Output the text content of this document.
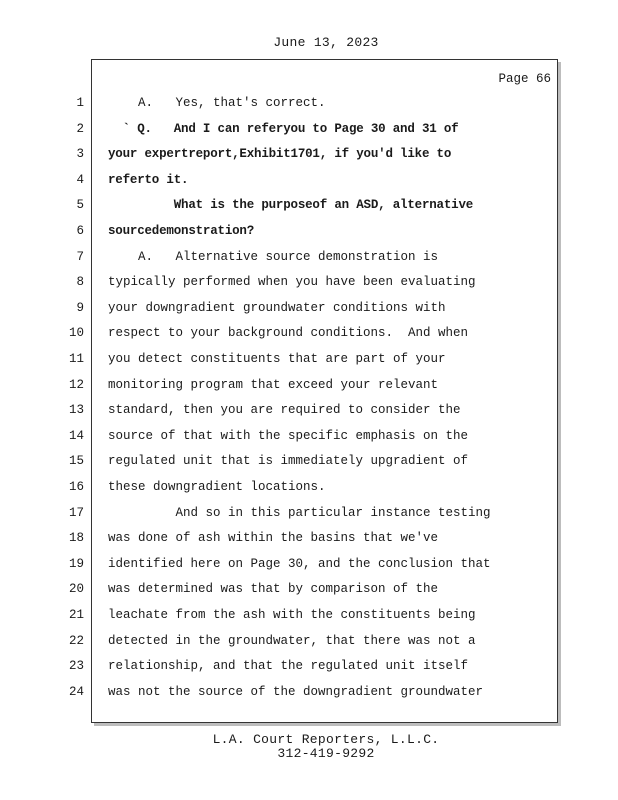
June 13, 2023
Page 66
1
2
3
4
5
6
7
8
9
10
11
12
13
14
15
16
17
18
19
20
21
22
23
24
A.   Yes, that's correct.
` Q.   And I can referyou to Page 30 and 31 of
your expertreport,Exhibit1701, if you'd like to
referto it.
What is the purposeof an ASD, alternative
sourcedemonstration?
A.   Alternative source demonstration is
typically performed when you have been evaluating
your downgradient groundwater conditions with
respect to your background conditions.  And when
you detect constituents that are part of your
monitoring program that exceed your relevant
standard, then you are required to consider the
source of that with the specific emphasis on the
regulated unit that is immediately upgradient of
these downgradient locations.
And so in this particular instance testing
was done of ash within the basins that we've
identified here on Page 30, and the conclusion that
was determined was that by comparison of the
leachate from the ash with the constituents being
detected in the groundwater, that there was not a
relationship, and that the regulated unit itself
was not the source of the downgradient groundwater
L.A. Court Reporters, L.L.C.
312-419-9292
